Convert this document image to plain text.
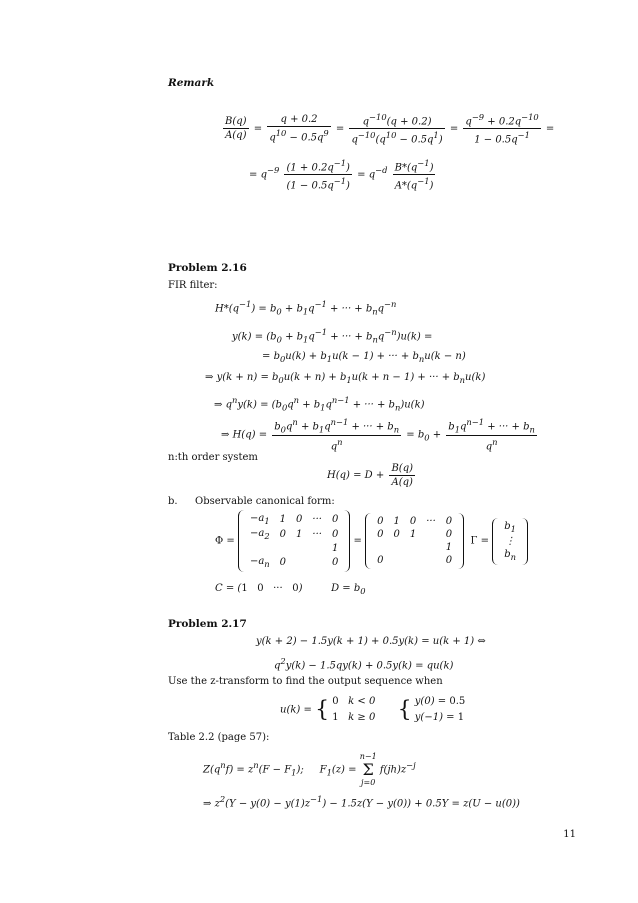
Remark
$\frac{B(q)}{A(q)} = \frac{q + 0.2}{q^{10} - 0.5q^9} = \frac{q^{-10}(q + 0.2)}{q^{-10}(q^{10} - 0.5q^1)} = \frac{q^{-9} + 0.2q^{-10}}{1 - 0.5q^{-1}}$ =
= $q^{-9} \frac{(1 + 0.2q^{-1})}{(1 - 0.5q^{-1})} = q^{-d} \frac{B*(q^{-1})}{A*(q^{-1})}$
Problem 2.16
FIR filter:
$H*(q^{-1}) = b_0 + b_1q^{-1}$ + ··· + $b_nq^{-n}$
$y(k) = (b_0 + b_1q^{-1}$ + ··· + $b_nq^{-n})u(k)$ =
= $b_0u(k) + b_1u(k - 1)$ + ··· + $b_nu(k - n)$
⇒ $y(k + n) = b_0u(k + n) + b_1u(k + n - 1)$ + ··· + $b_nu(k)$
⇒ $q^ny(k) = (b_0q^n + b_1q^{n-1}$ + ··· + $b_n)u(k)$
⇒ $H(q) = \frac{b_0q^n + b_1q^{n-1} + \cdot\cdot\cdot + b_n}{q^n} = b_0 + \frac{b_1q^{n-1} + \cdot\cdot\cdot + b_n}{q^n}$
n:th order system
$H(q) = D + \frac{B(q)}{A(q)}$
b. Observable canonical form:
Φ =
$-a_1$	1	0	···	0
$-a_2$	0	1	···	0
				1
$-a_n$	0			0
=
0	1	0	···	0
0	0	1		0
				1
0				0
Γ =
$b_1$
⋮
$b_n$
C = (1   0   ···   0)         $D = b_0$
Problem 2.17
y(k + 2) − 1.5y(k + 1) + 0.5y(k) = u(k + 1) ⇔
$q^2y(k) - 1.5qy(k) + 0.5y(k) = qu(k)$
Use the z-transform to find the output sequence when
u(k) = { 0   k < 0
1   k ≥ 0       { y(0) = 0.5
y(−1) = 1
Table 2.2 (page 57):
$Z(q^nf) = z^n(F - F_1)$;     $F_1(z) = n-1$
Σ
j=0 $f(jh)z^{-j}$
⇒ $z^2(Y - y(0) - y(1)z^{-1}) - 1.5z(Y - y(0)) + 0.5Y = z(U - u(0))$
11
